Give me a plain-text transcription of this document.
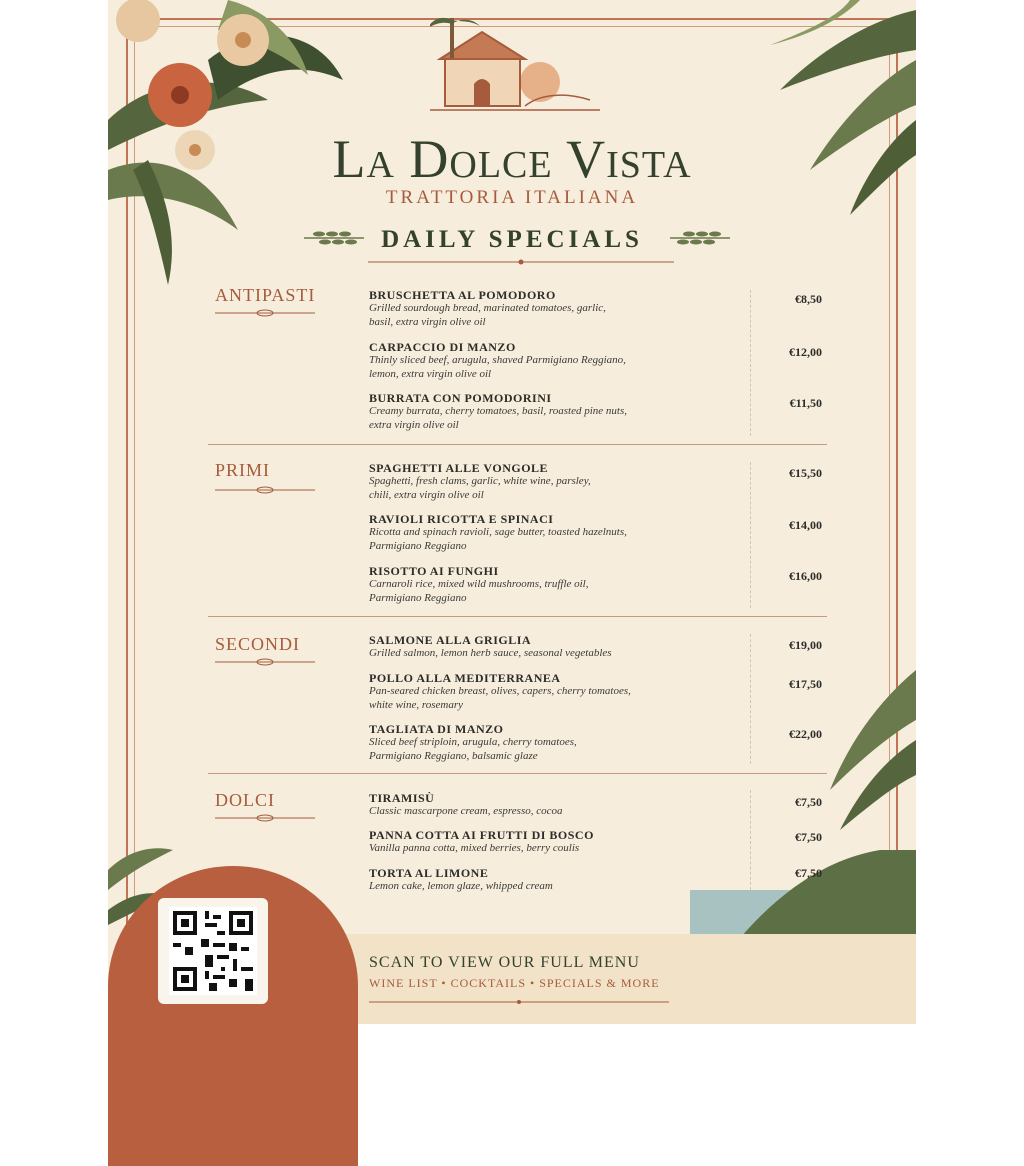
La Dolce Vista
TRATTORIA ITALIANA
DAILY SPECIALS
ANTIPASTI	BRUSCHETTA AL POMODORO
Grilled sourdough bread, marinated tomatoes, garlic,
basil, extra virgin olive oil
€8,50
CARPACCIO DI MANZO
Thinly sliced beef, arugula, shaved Parmigiano Reggiano,
lemon, extra virgin olive oil
€12,00
BURRATA CON POMODORINI
Creamy burrata, cherry tomatoes, basil, roasted pine nuts,
extra virgin olive oil
€11,50
PRIMI	SPAGHETTI ALLE VONGOLE
Spaghetti, fresh clams, garlic, white wine, parsley,
chili, extra virgin olive oil
€15,50
RAVIOLI RICOTTA E SPINACI
Ricotta and spinach ravioli, sage butter, toasted hazelnuts,
Parmigiano Reggiano
€14,00
RISOTTO AI FUNGHI
Carnaroli rice, mixed wild mushrooms, truffle oil,
Parmigiano Reggiano
€16,00
SECONDI	SALMONE ALLA GRIGLIA
Grilled salmon, lemon herb sauce, seasonal vegetables
€19,00
POLLO ALLA MEDITERRANEA
Pan-seared chicken breast, olives, capers, cherry tomatoes,
white wine, rosemary
€17,50
TAGLIATA DI MANZO
Sliced beef striploin, arugula, cherry tomatoes,
Parmigiano Reggiano, balsamic glaze
€22,00
DOLCI	TIRAMISÙ
Classic mascarpone cream, espresso, cocoa
€7,50
PANNA COTTA AI FRUTTI DI BOSCO
Vanilla panna cotta, mixed berries, berry coulis
€7,50
TORTA AL LIMONE
Lemon cake, lemon glaze, whipped cream
€7,50
SCAN TO VIEW OUR FULL MENU
WINE LIST • COCKTAILS • SPECIALS & MORE
